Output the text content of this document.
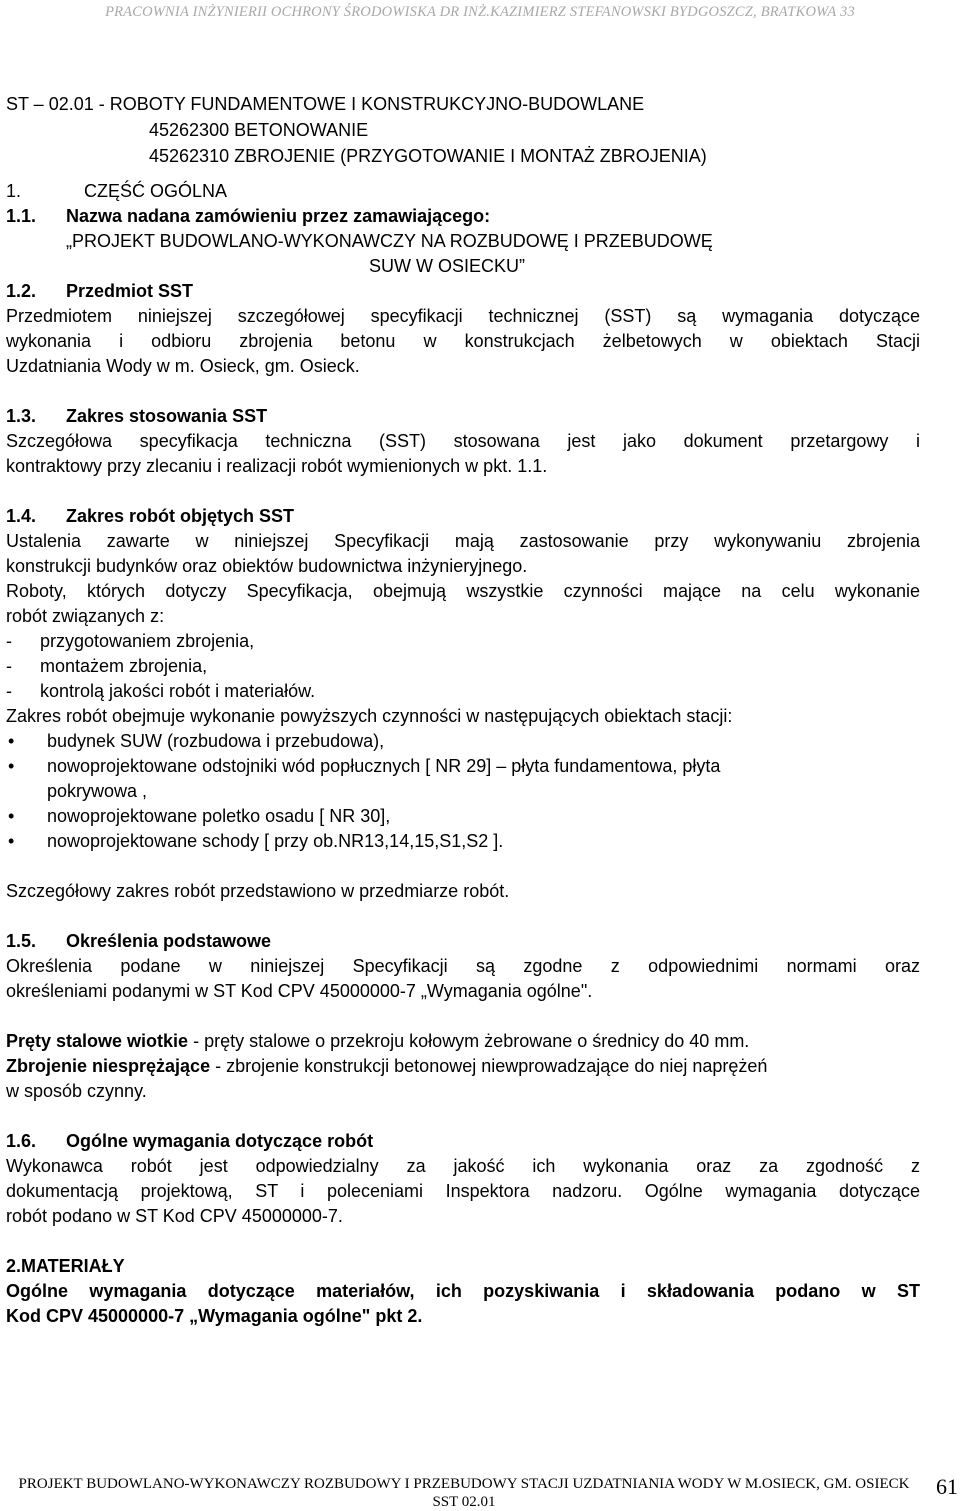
PRACOWNIA INŻYNIERII OCHRONY ŚRODOWISKA DR INŻ.KAZIMIERZ STEFANOWSKI BYDGOSZCZ, BRATKOWA 33
ST – 02.01 - ROBOTY FUNDAMENTOWE I KONSTRUKCYJNO-BUDOWLANE
45262300 BETONOWANIE
45262310 ZBROJENIE (PRZYGOTOWANIE I MONTAŻ ZBROJENIA)
1.	CZĘŚĆ OGÓLNA
1.1. Nazwa nadana zamówieniu przez zamawiającego:
„PROJEKT BUDOWLANO-WYKONAWCZY NA ROZBUDOWĘ I PRZEBUDOWĘ
SUW W OSIECKU”
1.2. Przedmiot SST
Przedmiotem niniejszej szczegółowej specyfikacji technicznej (SST) są wymagania dotyczące
wykonania i odbioru zbrojenia betonu w konstrukcjach żelbetowych w obiektach Stacji
Uzdatniania Wody w m. Osieck, gm. Osieck.
1.3. Zakres stosowania SST
Szczegółowa specyfikacja techniczna (SST) stosowana jest jako dokument przetargowy i
kontraktowy przy zlecaniu i realizacji robót wymienionych w pkt. 1.1.
1.4. Zakres robót objętych SST
Ustalenia zawarte w niniejszej Specyfikacji mają zastosowanie przy wykonywaniu zbrojenia
konstrukcji budynków oraz obiektów budownictwa inżynieryjnego.
Roboty, których dotyczy Specyfikacja, obejmują wszystkie czynności mające na celu wykonanie
robót związanych z:
- przygotowaniem zbrojenia,
- montażem zbrojenia,
- kontrolą jakości robót i materiałów.
Zakres robót obejmuje wykonanie powyższych czynności w następujących obiektach stacji:
• budynek SUW (rozbudowa i przebudowa),
• nowoprojektowane odstojniki wód popłucznych [ NR 29] – płyta fundamentowa, płyta
pokrywowa ,
• nowoprojektowane poletko osadu [ NR 30],
• nowoprojektowane schody [ przy ob.NR13,14,15,S1,S2 ].
Szczegółowy zakres robót przedstawiono w przedmiarze robót.
1.5. Określenia podstawowe
Określenia podane w niniejszej Specyfikacji są zgodne z odpowiednimi normami oraz
określeniami podanymi w ST Kod CPV 45000000-7 „Wymagania ogólne".
Pręty stalowe wiotkie - pręty stalowe o przekroju kołowym żebrowane o średnicy do 40 mm.
Zbrojenie niesprężające - zbrojenie konstrukcji betonowej niewprowadzające do niej naprężeń
w sposób czynny.
1.6. Ogólne wymagania dotyczące robót
Wykonawca robót jest odpowiedzialny za jakość ich wykonania oraz za zgodność z
dokumentacją projektową, ST i poleceniami Inspektora nadzoru. Ogólne wymagania dotyczące
robót podano w ST Kod CPV 45000000-7.
2.MATERIAŁY
Ogólne wymagania dotyczące materiałów, ich pozyskiwania i składowania podano w ST
Kod CPV 45000000-7 „Wymagania ogólne" pkt 2.
PROJEKT BUDOWLANO-WYKONAWCZY ROZBUDOWY I PRZEBUDOWY STACJI UZDATNIANIA WODY W M.OSIECK, GM. OSIECK
SST 02.01
61
